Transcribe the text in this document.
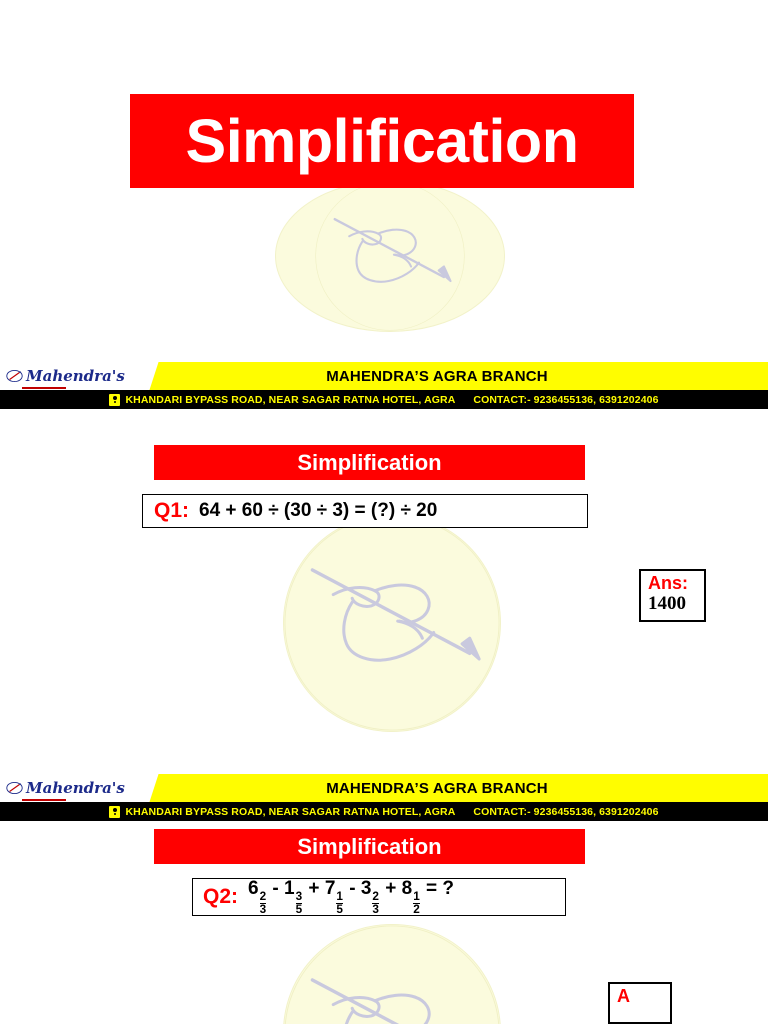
Simplification
Mahendra's	MAHENDRA’S AGRA BRANCH
KHANDARI BYPASS ROAD, NEAR SAGAR RATNA HOTEL, AGRA CONTACT:- 9236455136, 6391202406
Simplification
Q1: 64 + 60 ÷ (30 ÷ 3) = (?) ÷ 20
Ans:
1400
Mahendra's	MAHENDRA’S AGRA BRANCH
KHANDARI BYPASS ROAD, NEAR SAGAR RATNA HOTEL, AGRA CONTACT:- 9236455136, 6391202406
Simplification
Q2: 6
$\frac{2}{3}$
- 1
$\frac{3}{5}$
+ 7
$\frac{1}{5}$
- 3
$\frac{2}{3}$
+ 8
$\frac{1}{2}$
= ?
A
